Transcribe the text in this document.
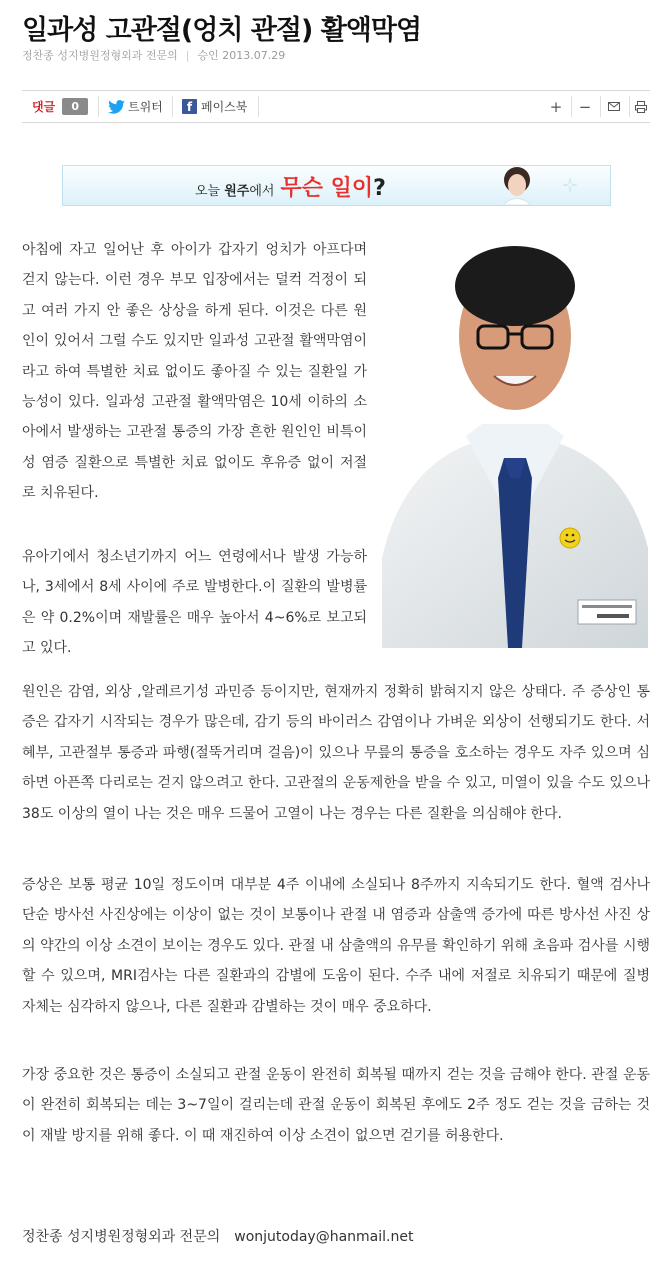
일과성 고관절(엉치 관절) 활액막염
정찬종 성지병원정형외과 전문의 | 승인 2013.07.29
댓글	0	트위터	f 페이스북	+ −
오늘 원주에서 무슨 일이?

아침에 자고 일어난 후 아이가 갑자기 엉치가 아프다며 걷지 않는다. 이런 경우 부모 입장에서는 덜컥 걱정이 되고 여러 가지 안 좋은 상상을 하게 된다. 이것은 다른 원인이 있어서 그럴 수도 있지만 일과성 고관절 활액막염이라고 하여 특별한 치료 없이도 좋아질 수 있는 질환일 가능성이 있다. 일과성 고관절 활액막염은 10세 이하의 소아에서 발생하는 고관절 통증의 가장 흔한 원인인 비특이성 염증 질환으로 특별한 치료 없이도 후유증 없이 저절로 치유된다.

유아기에서 청소년기까지 어느 연령에서나 발생 가능하나, 3세에서 8세 사이에 주로 발병한다.이 질환의 발병률은 약 0.2%이며 재발률은 매우 높아서 4~6%로 보고되고 있다.

원인은 감염, 외상 ,알레르기성 과민증 등이지만, 현재까지 정확히 밝혀지지 않은 상태다. 주 증상인 통증은 갑자기 시작되는 경우가 많은데, 감기 등의 바이러스 감염이나 가벼운 외상이 선행되기도 한다. 서혜부, 고관절부 통증과 파행(절뚝거리며 걸음)이 있으나 무릎의 통증을 호소하는 경우도 자주 있으며 심하면 아픈쪽 다리로는 걷지 않으려고 한다. 고관절의 운동제한을 받을 수 있고, 미열이 있을 수도 있으나 38도 이상의 열이 나는 것은 매우 드물어 고열이 나는 경우는 다른 질환을 의심해야 한다.

증상은 보통 평균 10일 정도이며 대부분 4주 이내에 소실되나 8주까지 지속되기도 한다. 혈액 검사나 단순 방사선 사진상에는 이상이 없는 것이 보통이나 관절 내 염증과 삼출액 증가에 따른 방사선 사진 상의 약간의 이상 소견이 보이는 경우도 있다. 관절 내 삼출액의 유무를 확인하기 위해 초음파 검사를 시행할 수 있으며, MRI검사는 다른 질환과의 감별에 도움이 된다. 수주 내에 저절로 치유되기 때문에 질병 자체는 심각하지 않으나, 다른 질환과 감별하는 것이 매우 중요하다.

가장 중요한 것은 통증이 소실되고 관절 운동이 완전히 회복될 때까지 걷는 것을 금해야 한다. 관절 운동이 완전히 회복되는 데는 3~7일이 걸리는데 관절 운동이 회복된 후에도 2주 정도 걷는 것을 금하는 것이 재발 방지를 위해 좋다. 이 때 재진하여 이상 소견이 없으면 걷기를 허용한다.

정찬종 성지병원정형외과 전문의 wonjutoday@hanmail.net
